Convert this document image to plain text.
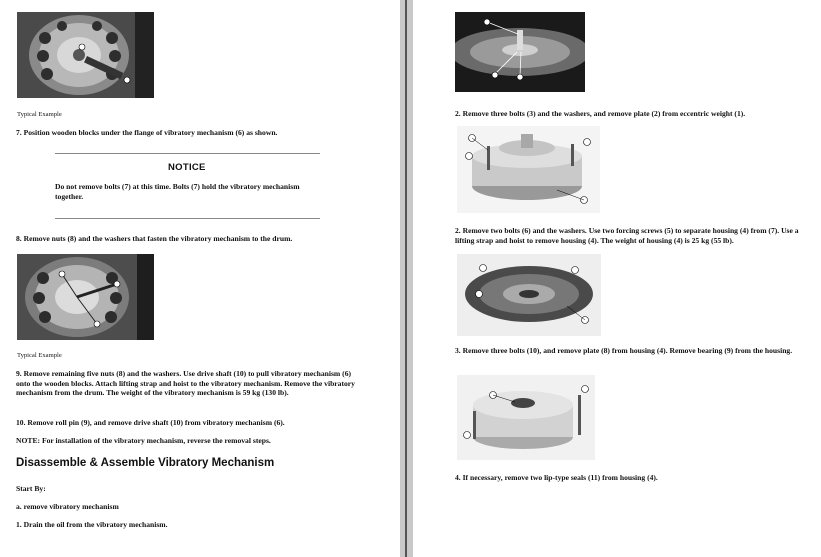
Typical Example
7. Position wooden blocks under the flange of vibratory mechanism (6) as shown.
NOTICE
Do not remove bolts (7) at this time. Bolts (7) hold the vibratory mechanism together.
8. Remove nuts (8) and the washers that fasten the vibratory mechanism to the drum.
Typical Example
9. Remove remaining five nuts (8) and the washers. Use drive shaft (10) to pull vibratory mechanism (6) onto the wooden blocks. Attach lifting strap and hoist to the vibratory mechanism. Remove the vibratory mechanism from the drum. The weight of the vibratory mechanism is 59 kg (130 lb).
10. Remove roll pin (9), and remove drive shaft (10) from vibratory mechanism (6).
NOTE: For installation of the vibratory mechanism, reverse the removal steps.
Disassemble & Assemble Vibratory Mechanism
Start By:
a. remove vibratory mechanism
1. Drain the oil from the vibratory mechanism.
2. Remove three bolts (3) and the washers, and remove plate (2) from eccentric weight (1).
2. Remove two bolts (6) and the washers. Use two forcing screws (5) to separate housing (4) from (7). Use a lifting strap and hoist to remove housing (4). The weight of housing (4) is 25 kg (55 lb).
3. Remove three bolts (10), and remove plate (8) from housing (4). Remove bearing (9) from the housing.
4. If necessary, remove two lip-type seals (11) from housing (4).
